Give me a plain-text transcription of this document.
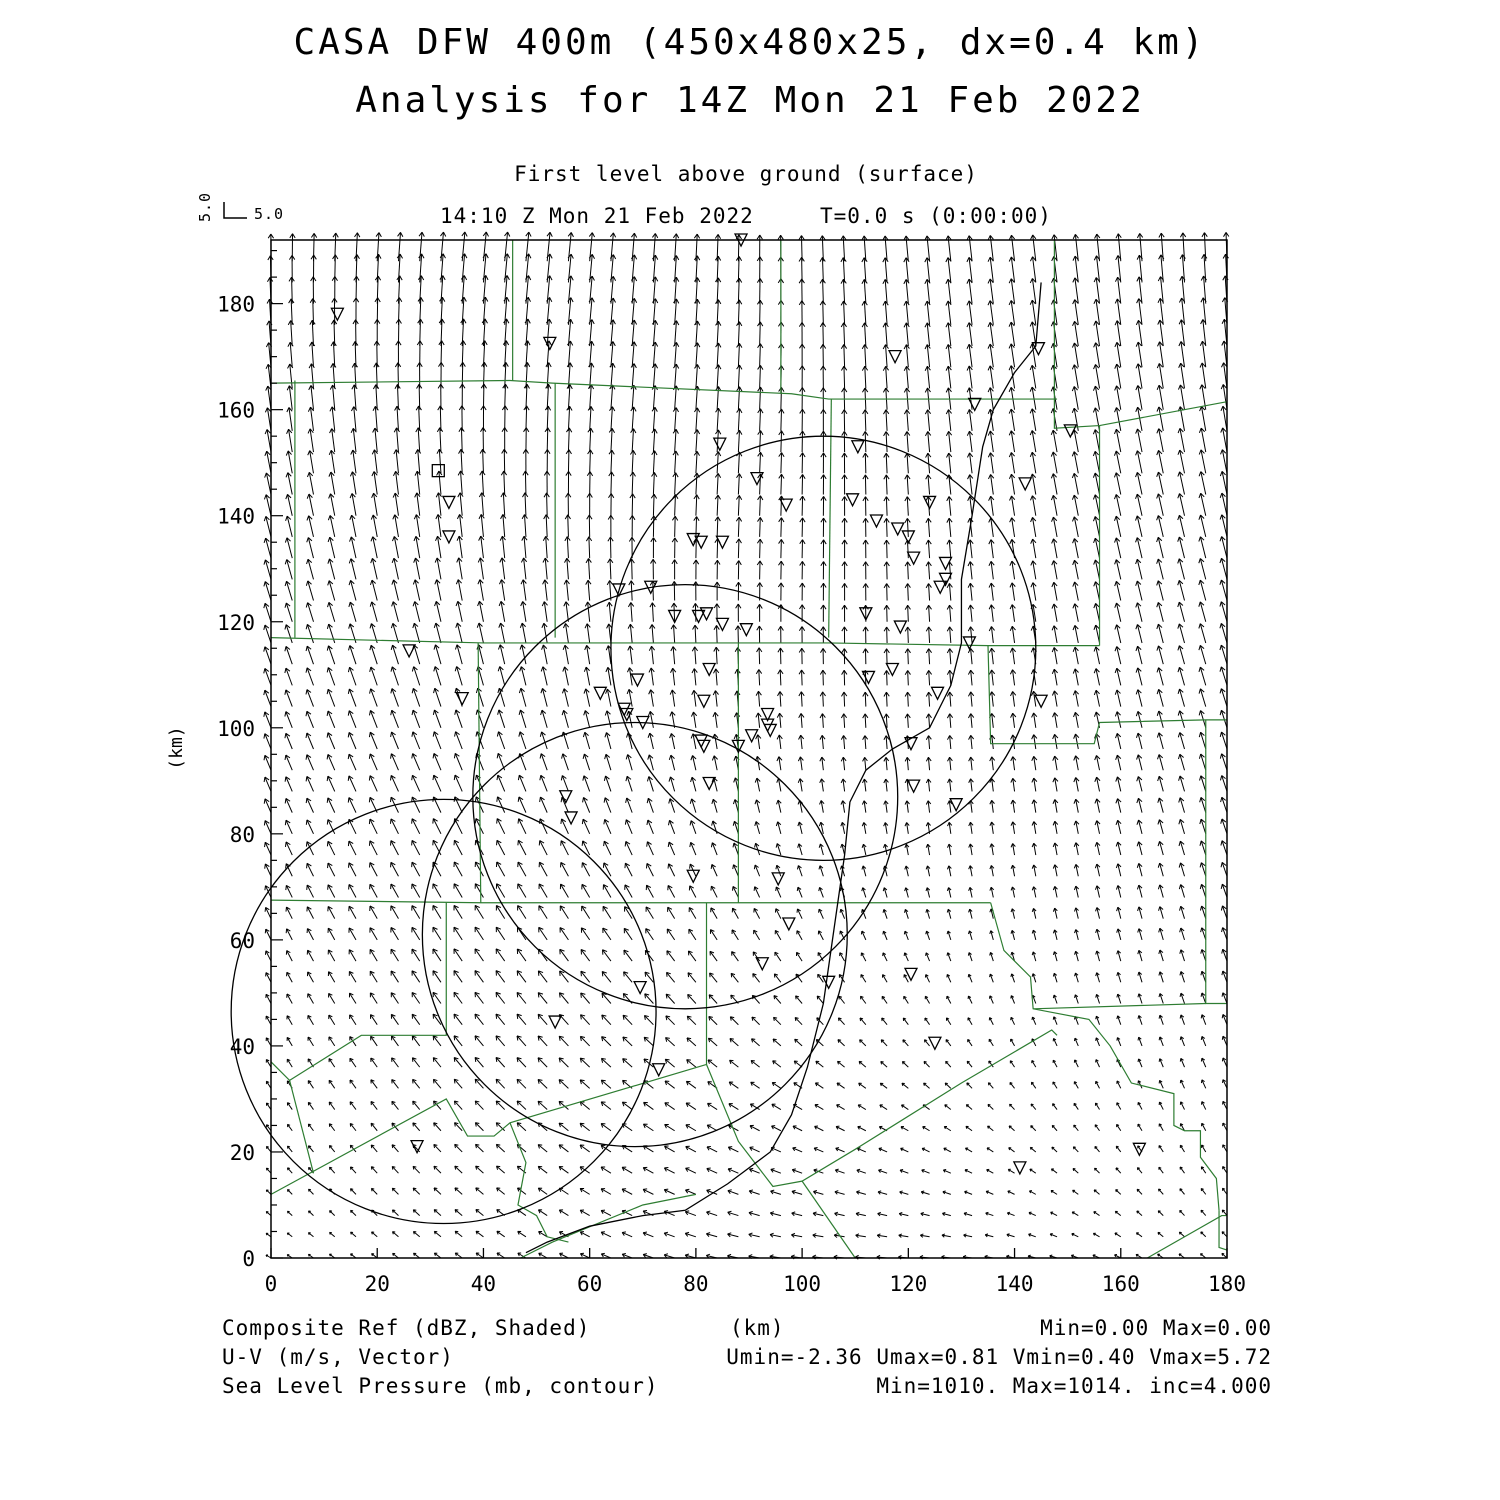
CASA DFW 400m (450x480x25, dx=0.4 km)
Analysis for 14Z Mon 21 Feb 2022
First level above ground (surface)
14:10 Z Mon 21 Feb 2022	T=0.0 s (0:00:00)
5.0	5.0
0	20	40	60	80	100	120	140	160	180
0
20
40
60
80
100
120
140
160
180
(km)
Composite Ref (dBZ, Shaded)	(km)	Min=0.00 Max=0.00
U-V (m/s, Vector)	Umin=-2.36 Umax=0.81 Vmin=0.40 Vmax=5.72
Sea Level Pressure (mb, contour)	Min=1010. Max=1014. inc=4.000
